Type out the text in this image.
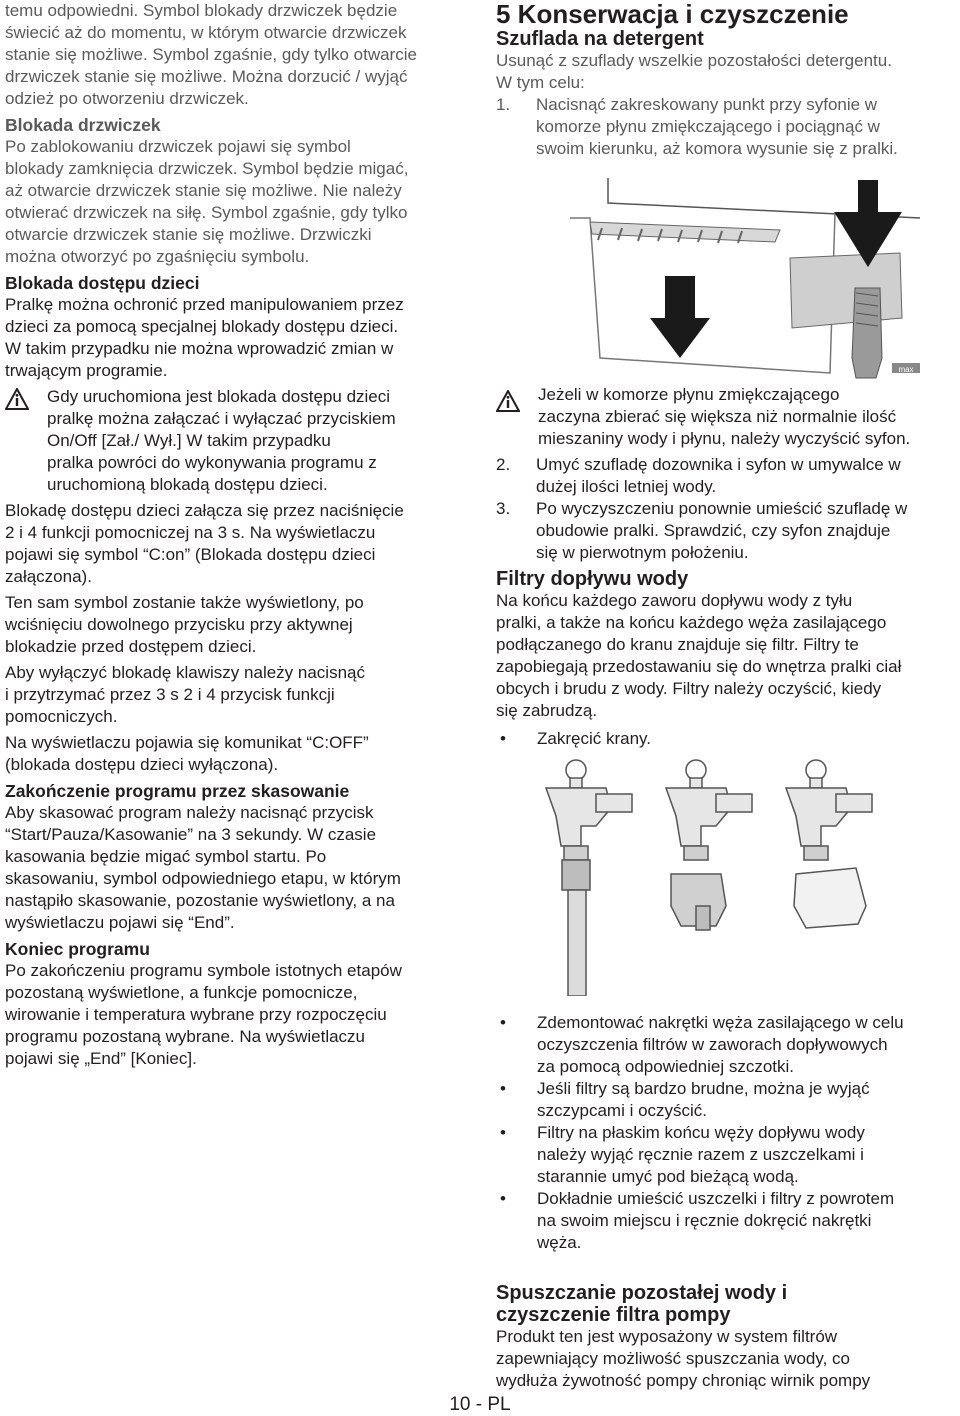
temu odpowiedni. Symbol blokady drzwiczek będzie

świecić aż do momentu, w którym otwarcie drzwiczek

stanie się możliwe. Symbol zgaśnie, gdy tylko otwarcie

drzwiczek stanie się możliwe. Można dorzucić / wyjąć

odzież po otworzeniu drzwiczek.

Blokada drzwiczek

Po zablokowaniu drzwiczek pojawi się symbol

blokady zamknięcia drzwiczek. Symbol będzie migać,

aż otwarcie drzwiczek stanie się możliwe. Nie należy

otwierać drzwiczek na siłę. Symbol zgaśnie, gdy tylko

otwarcie drzwiczek stanie się możliwe. Drzwiczki

można otworzyć po zgaśnięciu symbolu.

Blokada dostępu dzieci

Pralkę można ochronić przed manipulowaniem przez

dzieci za pomocą specjalnej blokady dostępu dzieci.

W takim przypadku nie można wprowadzić zmian w

trwającym programie.

Gdy uruchomiona jest blokada dostępu dzieci

pralkę można załączać i wyłączać przyciskiem

On/Off [Zał./ Wył.] W takim przypadku

pralka powróci do wykonywania programu z

uruchomioną blokadą dostępu dzieci.

Blokadę dostępu dzieci załącza się przez naciśnięcie

2 i 4 funkcji pomocniczej na 3 s. Na wyświetlaczu

pojawi się symbol “C:on” (Blokada dostępu dzieci

załączona).

Ten sam symbol zostanie także wyświetlony, po

wciśnięciu dowolnego przycisku przy aktywnej

blokadzie przed dostępem dzieci.

Aby wyłączyć blokadę klawiszy należy nacisnąć

i przytrzymać przez 3 s 2 i 4 przycisk funkcji

pomocniczych.

Na wyświetlaczu pojawia się komunikat “C:OFF”

(blokada dostępu dzieci wyłączona).

Zakończenie programu przez skasowanie

Aby skasować program należy nacisnąć przycisk

“Start/Pauza/Kasowanie” na 3 sekundy. W czasie

kasowania będzie migać symbol startu. Po

skasowaniu, symbol odpowiedniego etapu, w którym

nastąpiło skasowanie, pozostanie wyświetlony, a na

wyświetlaczu pojawi się “End”.

Koniec programu

Po zakończeniu programu symbole istotnych etapów

pozostaną wyświetlone, a funkcje pomocnicze,

wirowanie i temperatura wybrane przy rozpoczęciu

programu pozostaną wybrane. Na wyświetlaczu

pojawi się „End” [Koniec].

5 Konserwacja i czyszczenie
Szuflada na detergent

Usunąć z szuflady wszelkie pozostałości detergentu.

W tym celu:

1.	Nacisnąć zakreskowany punkt przy syfonie w

komorze płynu zmiękczającego i pociągnąć w

swoim kierunku, aż komora wysunie się z pralki.

max

Jeżeli w komorze płynu zmiękczającego

zaczyna zbierać się większa niż normalnie ilość

mieszaniny wody i płynu, należy wyczyścić syfon.

2.	Umyć szufladę dozownika i syfon w umywalce w

dużej ilości letniej wody.

3.	Po wyczyszczeniu ponownie umieścić szufladę w

obudowie pralki. Sprawdzić, czy syfon znajduje

się w pierwotnym położeniu.

Filtry dopływu wody

Na końcu każdego zaworu dopływu wody z tyłu

pralki, a także na końcu każdego węża zasilającego

podłączanego do kranu znajduje się filtr. Filtry te

zapobiegają przedostawaniu się do wnętrza pralki ciał

obcych i brudu z wody. Filtry należy oczyścić, kiedy

się zabrudzą.

•	Zakręcić krany.

•	Zdemontować nakrętki węża zasilającego w celu

oczyszczenia filtrów w zaworach dopływowych

za pomocą odpowiedniej szczotki.

•	Jeśli filtry są bardzo brudne, można je wyjąć

szczypcami i oczyścić.

•	Filtry na płaskim końcu węży dopływu wody

należy wyjąć ręcznie razem z uszczelkami i

starannie umyć pod bieżącą wodą.

•	Dokładnie umieścić uszczelki i filtry z powrotem

na swoim miejscu i ręcznie dokręcić nakrętki

węża.

Spuszczanie pozostałej wody i
czyszczenie filtra pompy

Produkt ten jest wyposażony w system filtrów

zapewniający możliwość spuszczania wody, co

wydłuża żywotność pompy chroniąc wirnik pompy

10 - PL
